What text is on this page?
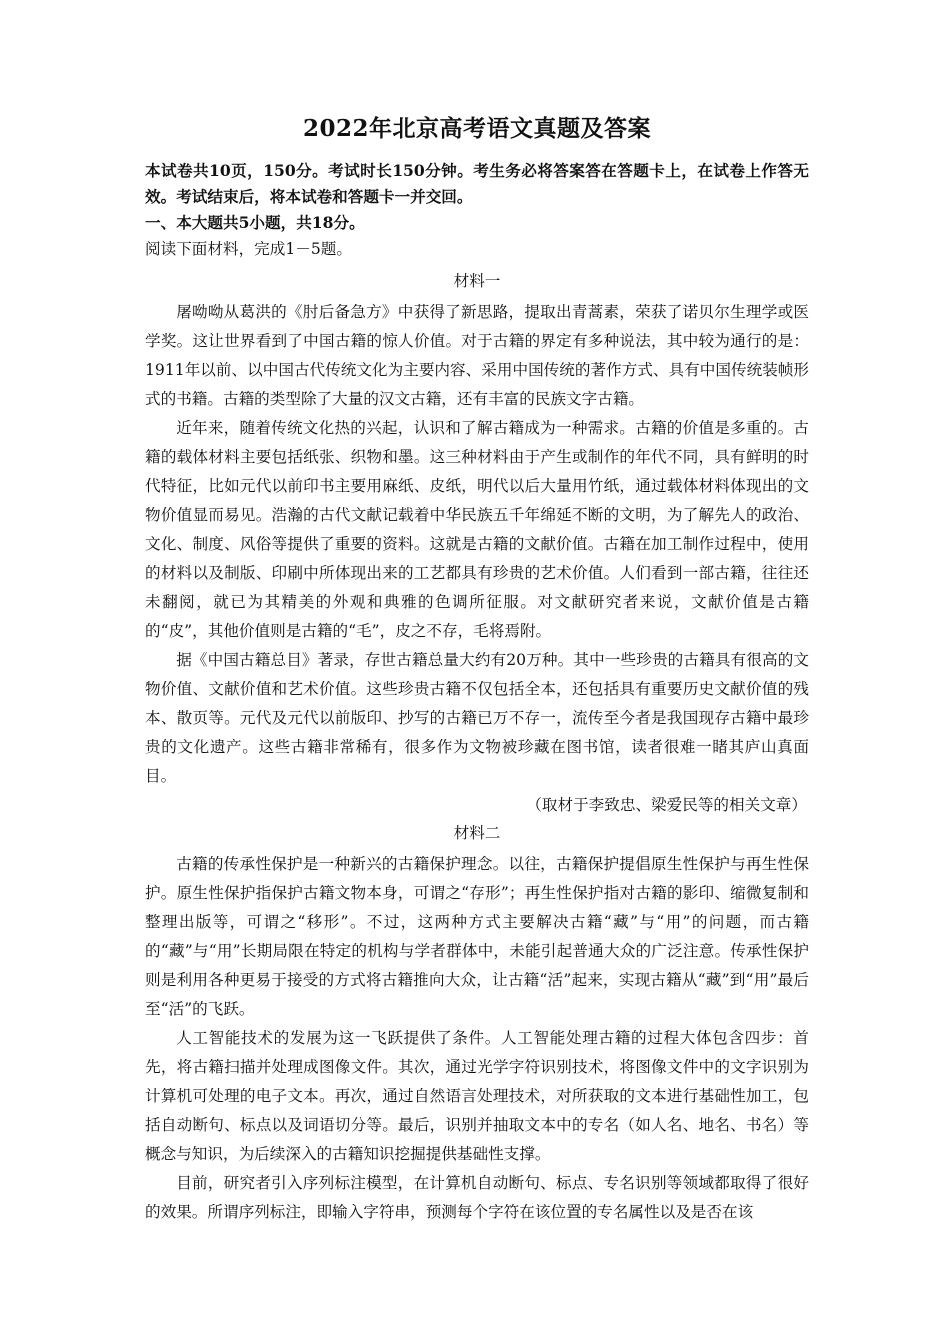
2022年北京高考语文真题及答案

本试卷共10页，150分。考试时长150分钟。考生务必将答案答在答题卡上，在试卷上作答无效。考试结束后，将本试卷和答题卡一并交回。

一、本大题共5小题，共18分。

阅读下面材料，完成1－5题。

材料一

屠呦呦从葛洪的《肘后备急方》中获得了新思路，提取出青蒿素，荣获了诺贝尔生理学或医学奖。这让世界看到了中国古籍的惊人价值。对于古籍的界定有多种说法，其中较为通行的是：1911年以前、以中国古代传统文化为主要内容、采用中国传统的著作方式、具有中国传统装帧形式的书籍。古籍的类型除了大量的汉文古籍，还有丰富的民族文字古籍。

近年来，随着传统文化热的兴起，认识和了解古籍成为一种需求。古籍的价值是多重的。古籍的载体材料主要包括纸张、织物和墨。这三种材料由于产生或制作的年代不同，具有鲜明的时代特征，比如元代以前印书主要用麻纸、皮纸，明代以后大量用竹纸，通过载体材料体现出的文物价值显而易见。浩瀚的古代文献记载着中华民族五千年绵延不断的文明，为了解先人的政治、文化、制度、风俗等提供了重要的资料。这就是古籍的文献价值。古籍在加工制作过程中，使用的材料以及制版、印刷中所体现出来的工艺都具有珍贵的艺术价值。人们看到一部古籍，往往还未翻阅，就已为其精美的外观和典雅的色调所征服。对文献研究者来说，文献价值是古籍的“皮”，其他价值则是古籍的“毛”，皮之不存，毛将焉附。

据《中国古籍总目》著录，存世古籍总量大约有20万种。其中一些珍贵的古籍具有很高的文物价值、文献价值和艺术价值。这些珍贵古籍不仅包括全本，还包括具有重要历史文献价值的残本、散页等。元代及元代以前版印、抄写的古籍已万不存一，流传至今者是我国现存古籍中最珍贵的文化遗产。这些古籍非常稀有，很多作为文物被珍藏在图书馆，读者很难一睹其庐山真面目。

（取材于李致忠、梁爱民等的相关文章）

材料二

古籍的传承性保护是一种新兴的古籍保护理念。以往，古籍保护提倡原生性保护与再生性保护。原生性保护指保护古籍文物本身，可谓之“存形”；再生性保护指对古籍的影印、缩微复制和整理出版等，可谓之“移形”。不过，这两种方式主要解决古籍“藏”与“用”的问题，而古籍的“藏”与“用”长期局限在特定的机构与学者群体中，未能引起普通大众的广泛注意。传承性保护则是利用各种更易于接受的方式将古籍推向大众，让古籍“活”起来，实现古籍从“藏”到“用”最后至“活”的飞跃。

人工智能技术的发展为这一飞跃提供了条件。人工智能处理古籍的过程大体包含四步：首先，将古籍扫描并处理成图像文件。其次，通过光学字符识别技术，将图像文件中的文字识别为计算机可处理的电子文本。再次，通过自然语言处理技术，对所获取的文本进行基础性加工，包括自动断句、标点以及词语切分等。最后，识别并抽取文本中的专名（如人名、地名、书名）等概念与知识，为后续深入的古籍知识挖掘提供基础性支撑。

目前，研究者引入序列标注模型，在计算机自动断句、标点、专名识别等领域都取得了很好的效果。所谓序列标注，即输入字符串，预测每个字符在该位置的专名属性以及是否在该
